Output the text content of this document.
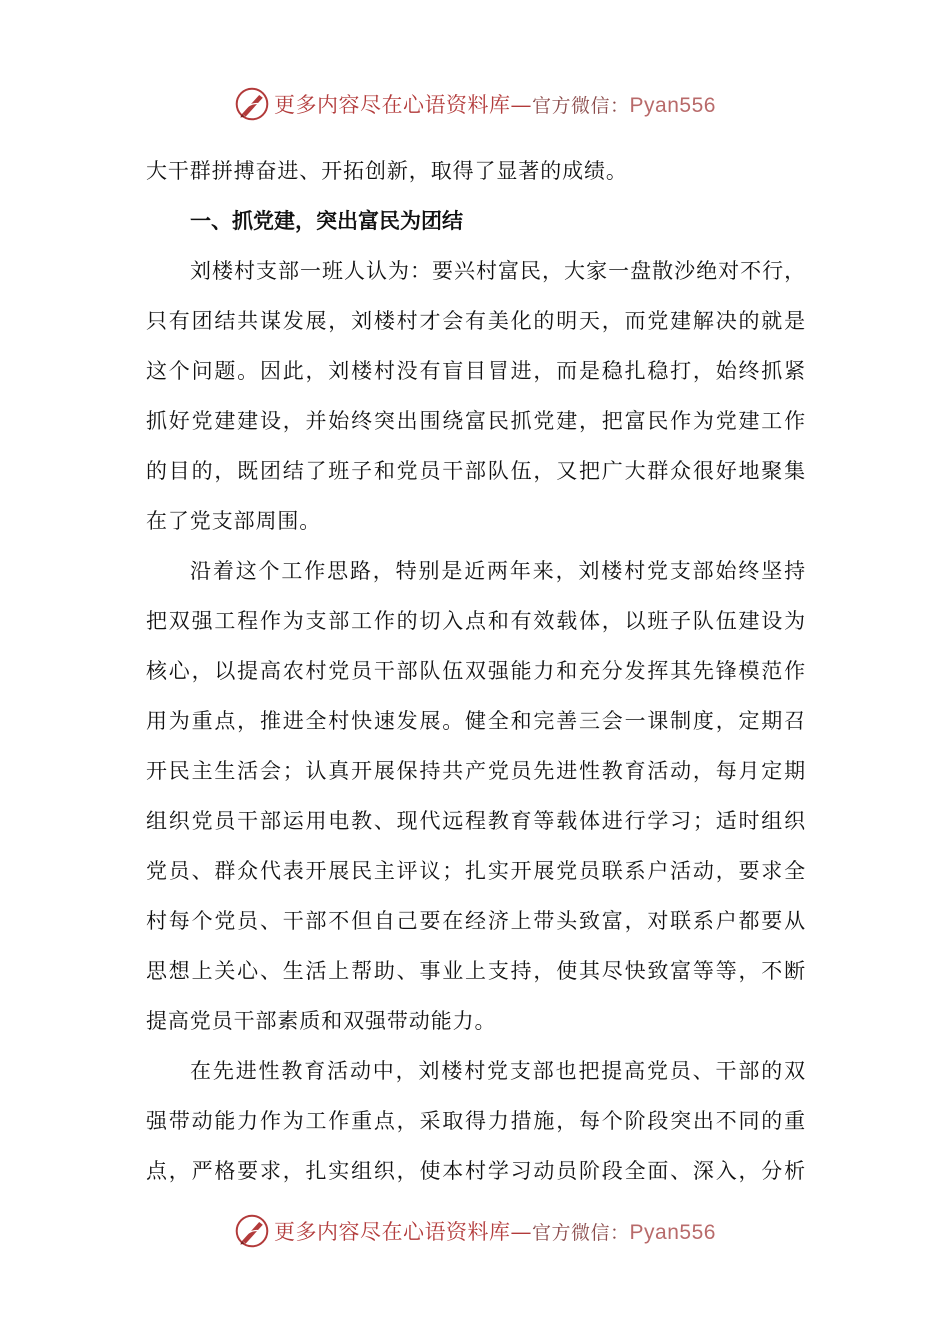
更多内容尽在心语资料库—官方微信：Pyan556
大干群拼搏奋进、开拓创新，取得了显著的成绩。
一、抓党建，突出富民为团结
刘楼村支部一班人认为：要兴村富民，大家一盘散沙绝对不行，
只有团结共谋发展，刘楼村才会有美化的明天，而党建解决的就是
这个问题。因此，刘楼村没有盲目冒进，而是稳扎稳打，始终抓紧
抓好党建建设，并始终突出围绕富民抓党建，把富民作为党建工作
的目的，既团结了班子和党员干部队伍，又把广大群众很好地聚集
在了党支部周围。
沿着这个工作思路，特别是近两年来，刘楼村党支部始终坚持
把双强工程作为支部工作的切入点和有效载体，以班子队伍建设为
核心，以提高农村党员干部队伍双强能力和充分发挥其先锋模范作
用为重点，推进全村快速发展。健全和完善三会一课制度，定期召
开民主生活会；认真开展保持共产党员先进性教育活动，每月定期
组织党员干部运用电教、现代远程教育等载体进行学习；适时组织
党员、群众代表开展民主评议；扎实开展党员联系户活动，要求全
村每个党员、干部不但自己要在经济上带头致富，对联系户都要从
思想上关心、生活上帮助、事业上支持，使其尽快致富等等，不断
提高党员干部素质和双强带动能力。
在先进性教育活动中，刘楼村党支部也把提高党员、干部的双
强带动能力作为工作重点，采取得力措施，每个阶段突出不同的重
点，严格要求，扎实组织，使本村学习动员阶段全面、深入，分析
更多内容尽在心语资料库—官方微信：Pyan556
